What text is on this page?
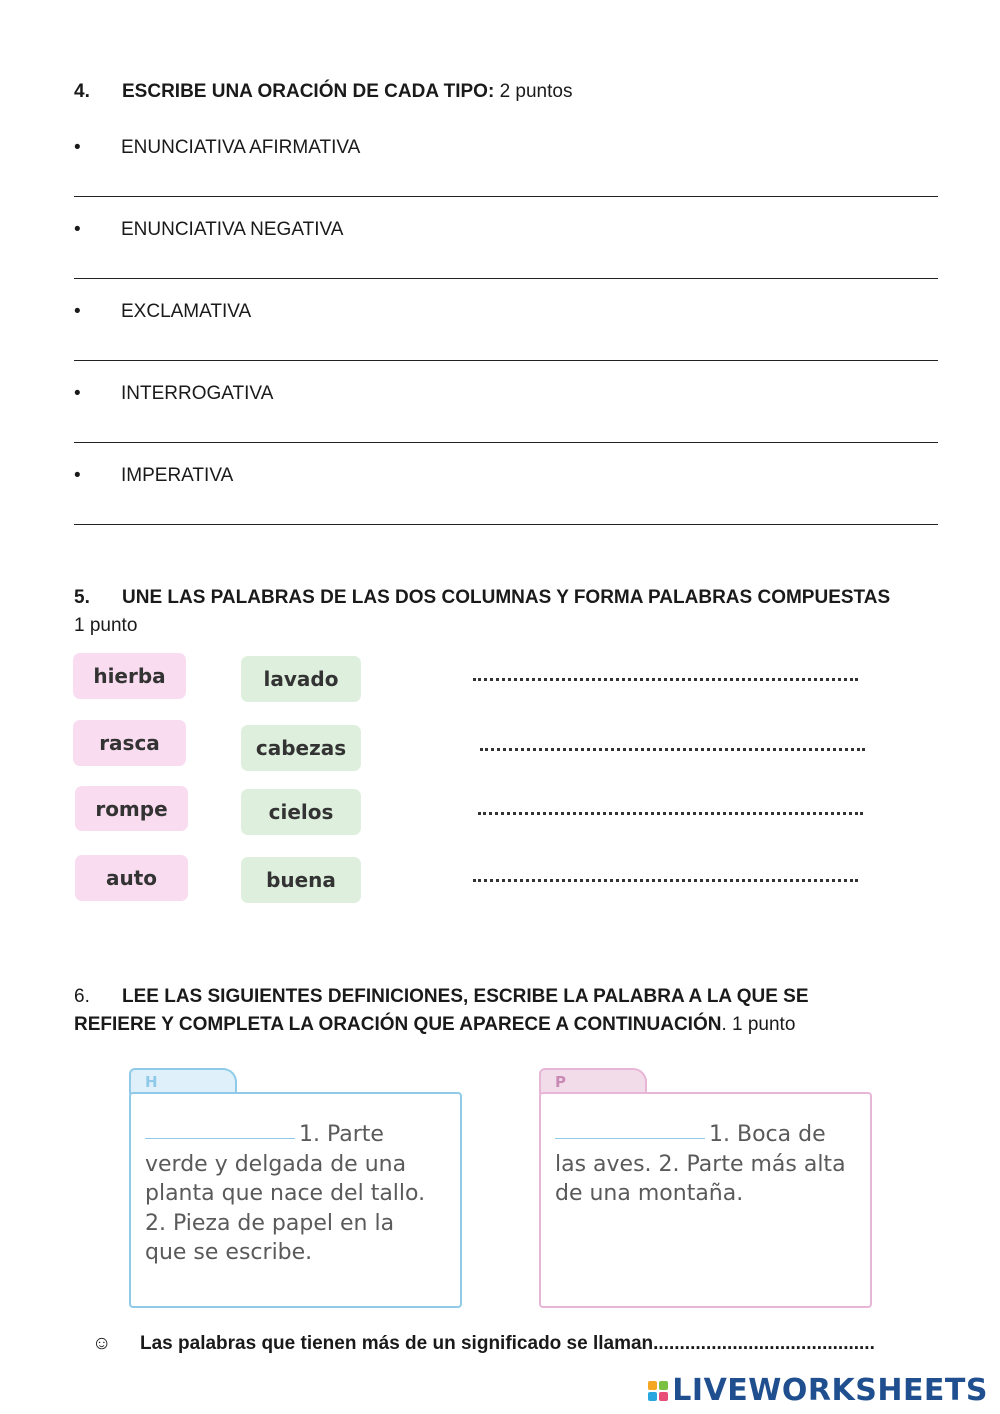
4. ESCRIBE UNA ORACIÓN DE CADA TIPO: 2 puntos
• ENUNCIATIVA AFIRMATIVA
• ENUNCIATIVA NEGATIVA
• EXCLAMATIVA
• INTERROGATIVA
• IMPERATIVA
5. UNE LAS PALABRAS DE LAS DOS COLUMNAS Y FORMA PALABRAS COMPUESTAS
1 punto
hierba
rasca
rompe
auto
lavado
cabezas
cielos
buena
6. LEE LAS SIGUIENTES DEFINICIONES, ESCRIBE LA PALABRA A LA QUE SE
REFIERE Y COMPLETA LA ORACIÓN QUE APARECE A CONTINUACIÓN. 1 punto
H
1. Parte
verde y delgada de una
planta que nace del tallo.
2. Pieza de papel en la
que se escribe.
P
1. Boca de
las aves. 2. Parte más alta
de una montaña.
☺ Las palabras que tienen más de un significado se llaman..........................................
LIVEWORKSHEETS
